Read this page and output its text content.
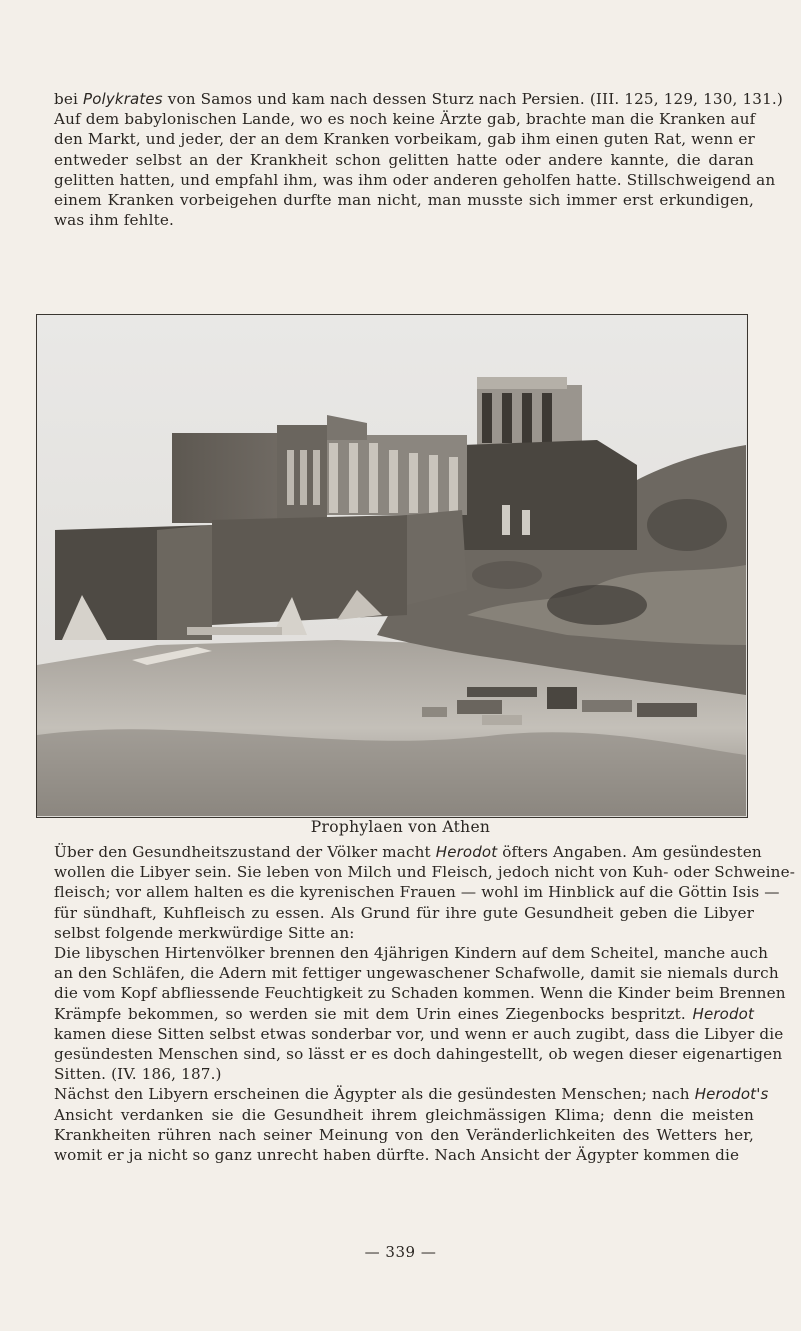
bei Polykrates von Samos und kam nach dessen Sturz nach Persien. (III. 125, 129, 130, 131.)
Auf dem babylonischen Lande, wo es noch keine Ärzte gab, brachte man die Kranken auf
den Markt, und jeder, der an dem Kranken vorbeikam, gab ihm einen guten Rat, wenn er
entweder selbst an der Krankheit schon gelitten hatte oder andere kannte, die daran
gelitten hatten, und empfahl ihm, was ihm oder anderen geholfen hatte. Stillschweigend an
einem Kranken vorbeigehen durfte man nicht, man musste sich immer erst erkundigen,
was ihm fehlte.
Prophylaen von Athen
Über den Gesundheitszustand der Völker macht Herodot öfters Angaben. Am gesündesten
wollen die Libyer sein. Sie leben von Milch und Fleisch, jedoch nicht von Kuh- oder Schweine-
fleisch; vor allem halten es die kyrenischen Frauen — wohl im Hinblick auf die Göttin Isis —
für sündhaft, Kuhfleisch zu essen. Als Grund für ihre gute Gesundheit geben die Libyer
selbst folgende merkwürdige Sitte an:
Die libyschen Hirtenvölker brennen den 4jährigen Kindern auf dem Scheitel, manche auch
an den Schläfen, die Adern mit fettiger ungewaschener Schafwolle, damit sie niemals durch
die vom Kopf abfliessende Feuchtigkeit zu Schaden kommen. Wenn die Kinder beim Brennen
Krämpfe bekommen, so werden sie mit dem Urin eines Ziegenbocks bespritzt. Herodot
kamen diese Sitten selbst etwas sonderbar vor, und wenn er auch zugibt, dass die Libyer die
gesündesten Menschen sind, so lässt er es doch dahingestellt, ob wegen dieser eigenartigen
Sitten. (IV. 186, 187.)
Nächst den Libyern erscheinen die Ägypter als die gesündesten Menschen; nach Herodot's
Ansicht verdanken sie die Gesundheit ihrem gleichmässigen Klima; denn die meisten
Krankheiten rühren nach seiner Meinung von den Veränderlichkeiten des Wetters her,
womit er ja nicht so ganz unrecht haben dürfte. Nach Ansicht der Ägypter kommen die
— 339 —
